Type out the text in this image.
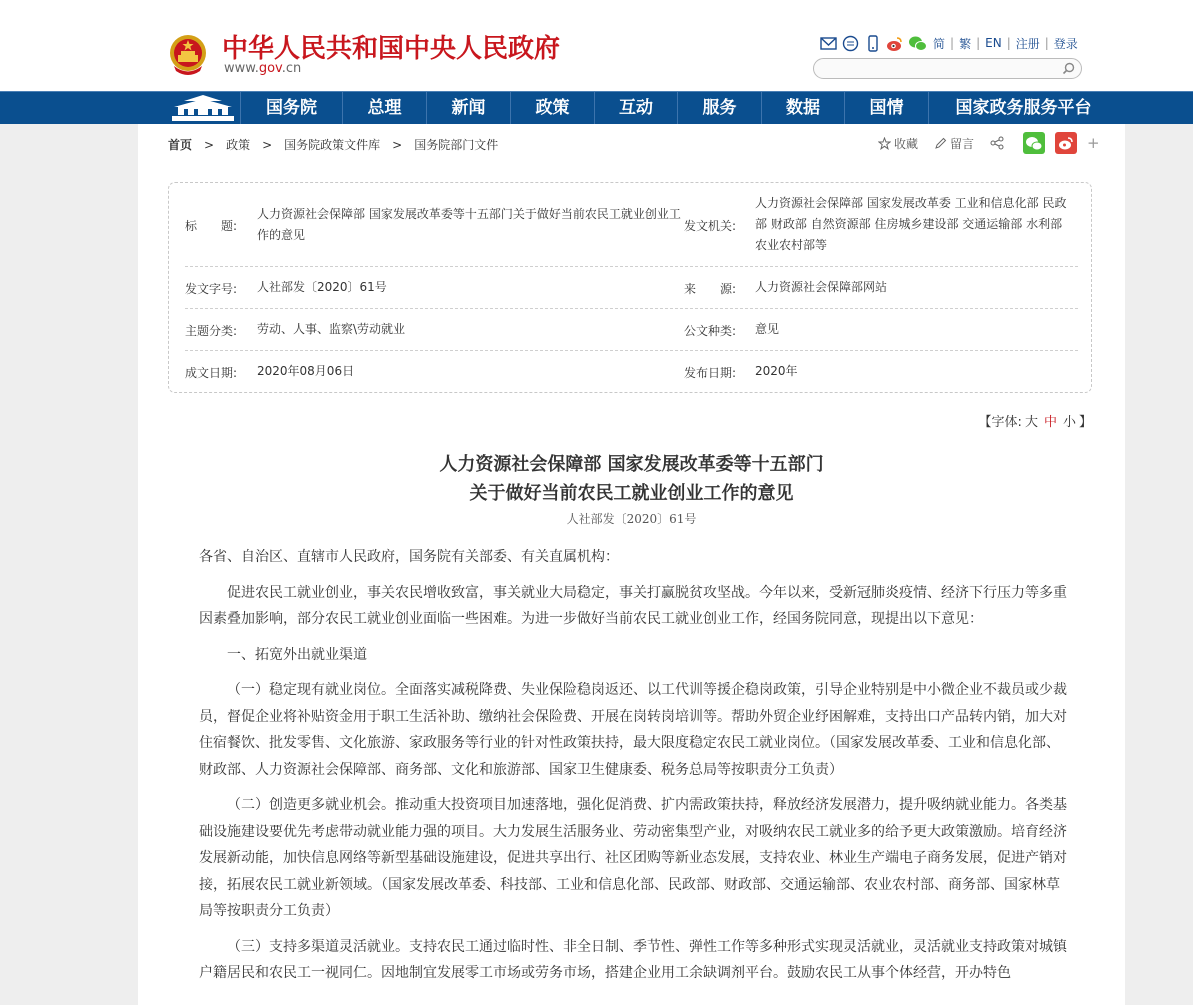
中华人民共和国中央人民政府
www.gov.cn
简 | 繁 | EN | 注册 | 登录
国务院	总理	新闻	政策	互动	服务	数据	国情	国家政务服务平台
首页 > 政策 > 国务院政策文件库 > 国务院部门文件	收藏	留言	+
标　　题:
人力资源社会保障部 国家发展改革委等十五部门关于做好当前农民工就业创业工作的意见
发文机关:
人力资源社会保障部 国家发展改革委 工业和信息化部 民政部 财政部 自然资源部 住房城乡建设部 交通运输部 水利部 农业农村部等
发文字号:	人社部发〔2020〕61号	来　　源:	人力资源社会保障部网站
主题分类:	劳动、人事、监察\劳动就业	公文种类:	意见
成文日期:	2020年08月06日	发布日期:	2020年
【字体: 大 中 小 】
人力资源社会保障部 国家发展改革委等十五部门
关于做好当前农民工就业创业工作的意见
人社部发〔2020〕61号

各省、自治区、直辖市人民政府，国务院有关部委、有关直属机构：

促进农民工就业创业，事关农民增收致富，事关就业大局稳定，事关打赢脱贫攻坚战。今年以来，受新冠肺炎疫情、经济下行压力等多重因素叠加影响，部分农民工就业创业面临一些困难。为进一步做好当前农民工就业创业工作，经国务院同意，现提出以下意见：

一、拓宽外出就业渠道

（一）稳定现有就业岗位。全面落实减税降费、失业保险稳岗返还、以工代训等援企稳岗政策，引导企业特别是中小微企业不裁员或少裁员，督促企业将补贴资金用于职工生活补助、缴纳社会保险费、开展在岗转岗培训等。帮助外贸企业纾困解难，支持出口产品转内销，加大对住宿餐饮、批发零售、文化旅游、家政服务等行业的针对性政策扶持，最大限度稳定农民工就业岗位。（国家发展改革委、工业和信息化部、财政部、人力资源社会保障部、商务部、文化和旅游部、国家卫生健康委、税务总局等按职责分工负责）

（二）创造更多就业机会。推动重大投资项目加速落地，强化促消费、扩内需政策扶持，释放经济发展潜力，提升吸纳就业能力。各类基础设施建设要优先考虑带动就业能力强的项目。大力发展生活服务业、劳动密集型产业，对吸纳农民工就业多的给予更大政策激励。培育经济发展新动能，加快信息网络等新型基础设施建设，促进共享出行、社区团购等新业态发展，支持农业、林业生产端电子商务发展，促进产销对接，拓展农民工就业新领域。（国家发展改革委、科技部、工业和信息化部、民政部、财政部、交通运输部、农业农村部、商务部、国家林草局等按职责分工负责）

（三）支持多渠道灵活就业。支持农民工通过临时性、非全日制、季节性、弹性工作等多种形式实现灵活就业，灵活就业支持政策对城镇户籍居民和农民工一视同仁。因地制宜发展零工市场或劳务市场，搭建企业用工余缺调剂平台。鼓励农民工从事个体经营，开办特色
